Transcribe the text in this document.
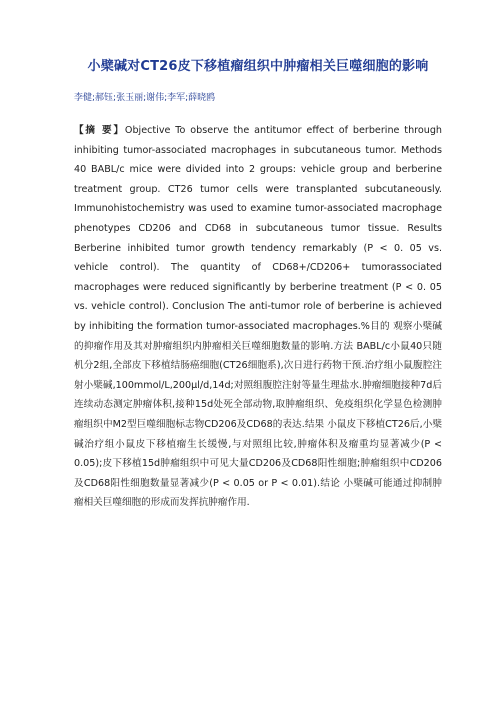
小檗碱对CT26皮下移植瘤组织中肿瘤相关巨噬细胞的影响
李健;郝钰;张玉丽;谢伟;李军;薛晓鸥
【摘 要】Objective To observe the antitumor effect of berberine through inhibiting tumor-associated macrophages in subcutaneous tumor. Methods 40 BABL/c mice were divided into 2 groups: vehicle group and berberine treatment group. CT26 tumor cells were transplanted subcutaneously. Immunohistochemistry was used to examine tumor-associated macrophage phenotypes CD206 and CD68 in subcutaneous tumor tissue. Results Berberine inhibited tumor growth tendency remarkably (P < 0. 05 vs. vehicle control). The quantity of CD68+/CD206+ tumorassociated macrophages were reduced significantly by berberine treatment (P < 0. 05 vs. vehicle control). Conclusion The anti-tumor role of berberine is achieved by inhibiting the formation tumor-associated macrophages.%目的 观察小檗碱的抑瘤作用及其对肿瘤组织内肿瘤相关巨噬细胞数量的影响.方法 BABL/c小鼠40只随机分2组,全部皮下移植结肠癌细胞(CT26细胞系),次日进行药物干预.治疗组小鼠腹腔注射小檗碱,100mmol/L,200μl/d,14d;对照组腹腔注射等量生理盐水.肿瘤细胞接种7d后连续动态测定肿瘤体积,接种15d处死全部动物,取肿瘤组织、免疫组织化学显色检测肿瘤组织中M2型巨噬细胞标志物CD206及CD68的表达.结果 小鼠皮下移植CT26后,小檗碱治疗组小鼠皮下移植瘤生长缓慢,与对照组比较,肿瘤体积及瘤重均显著减少(P < 0.05);皮下移植15d肿瘤组织中可见大量CD206及CD68阳性细胞;肿瘤组织中CD206及CD68阳性细胞数量显著减少(P < 0.05 or P < 0.01).结论 小檗碱可能通过抑制肿瘤相关巨噬细胞的形成而发挥抗肿瘤作用.
